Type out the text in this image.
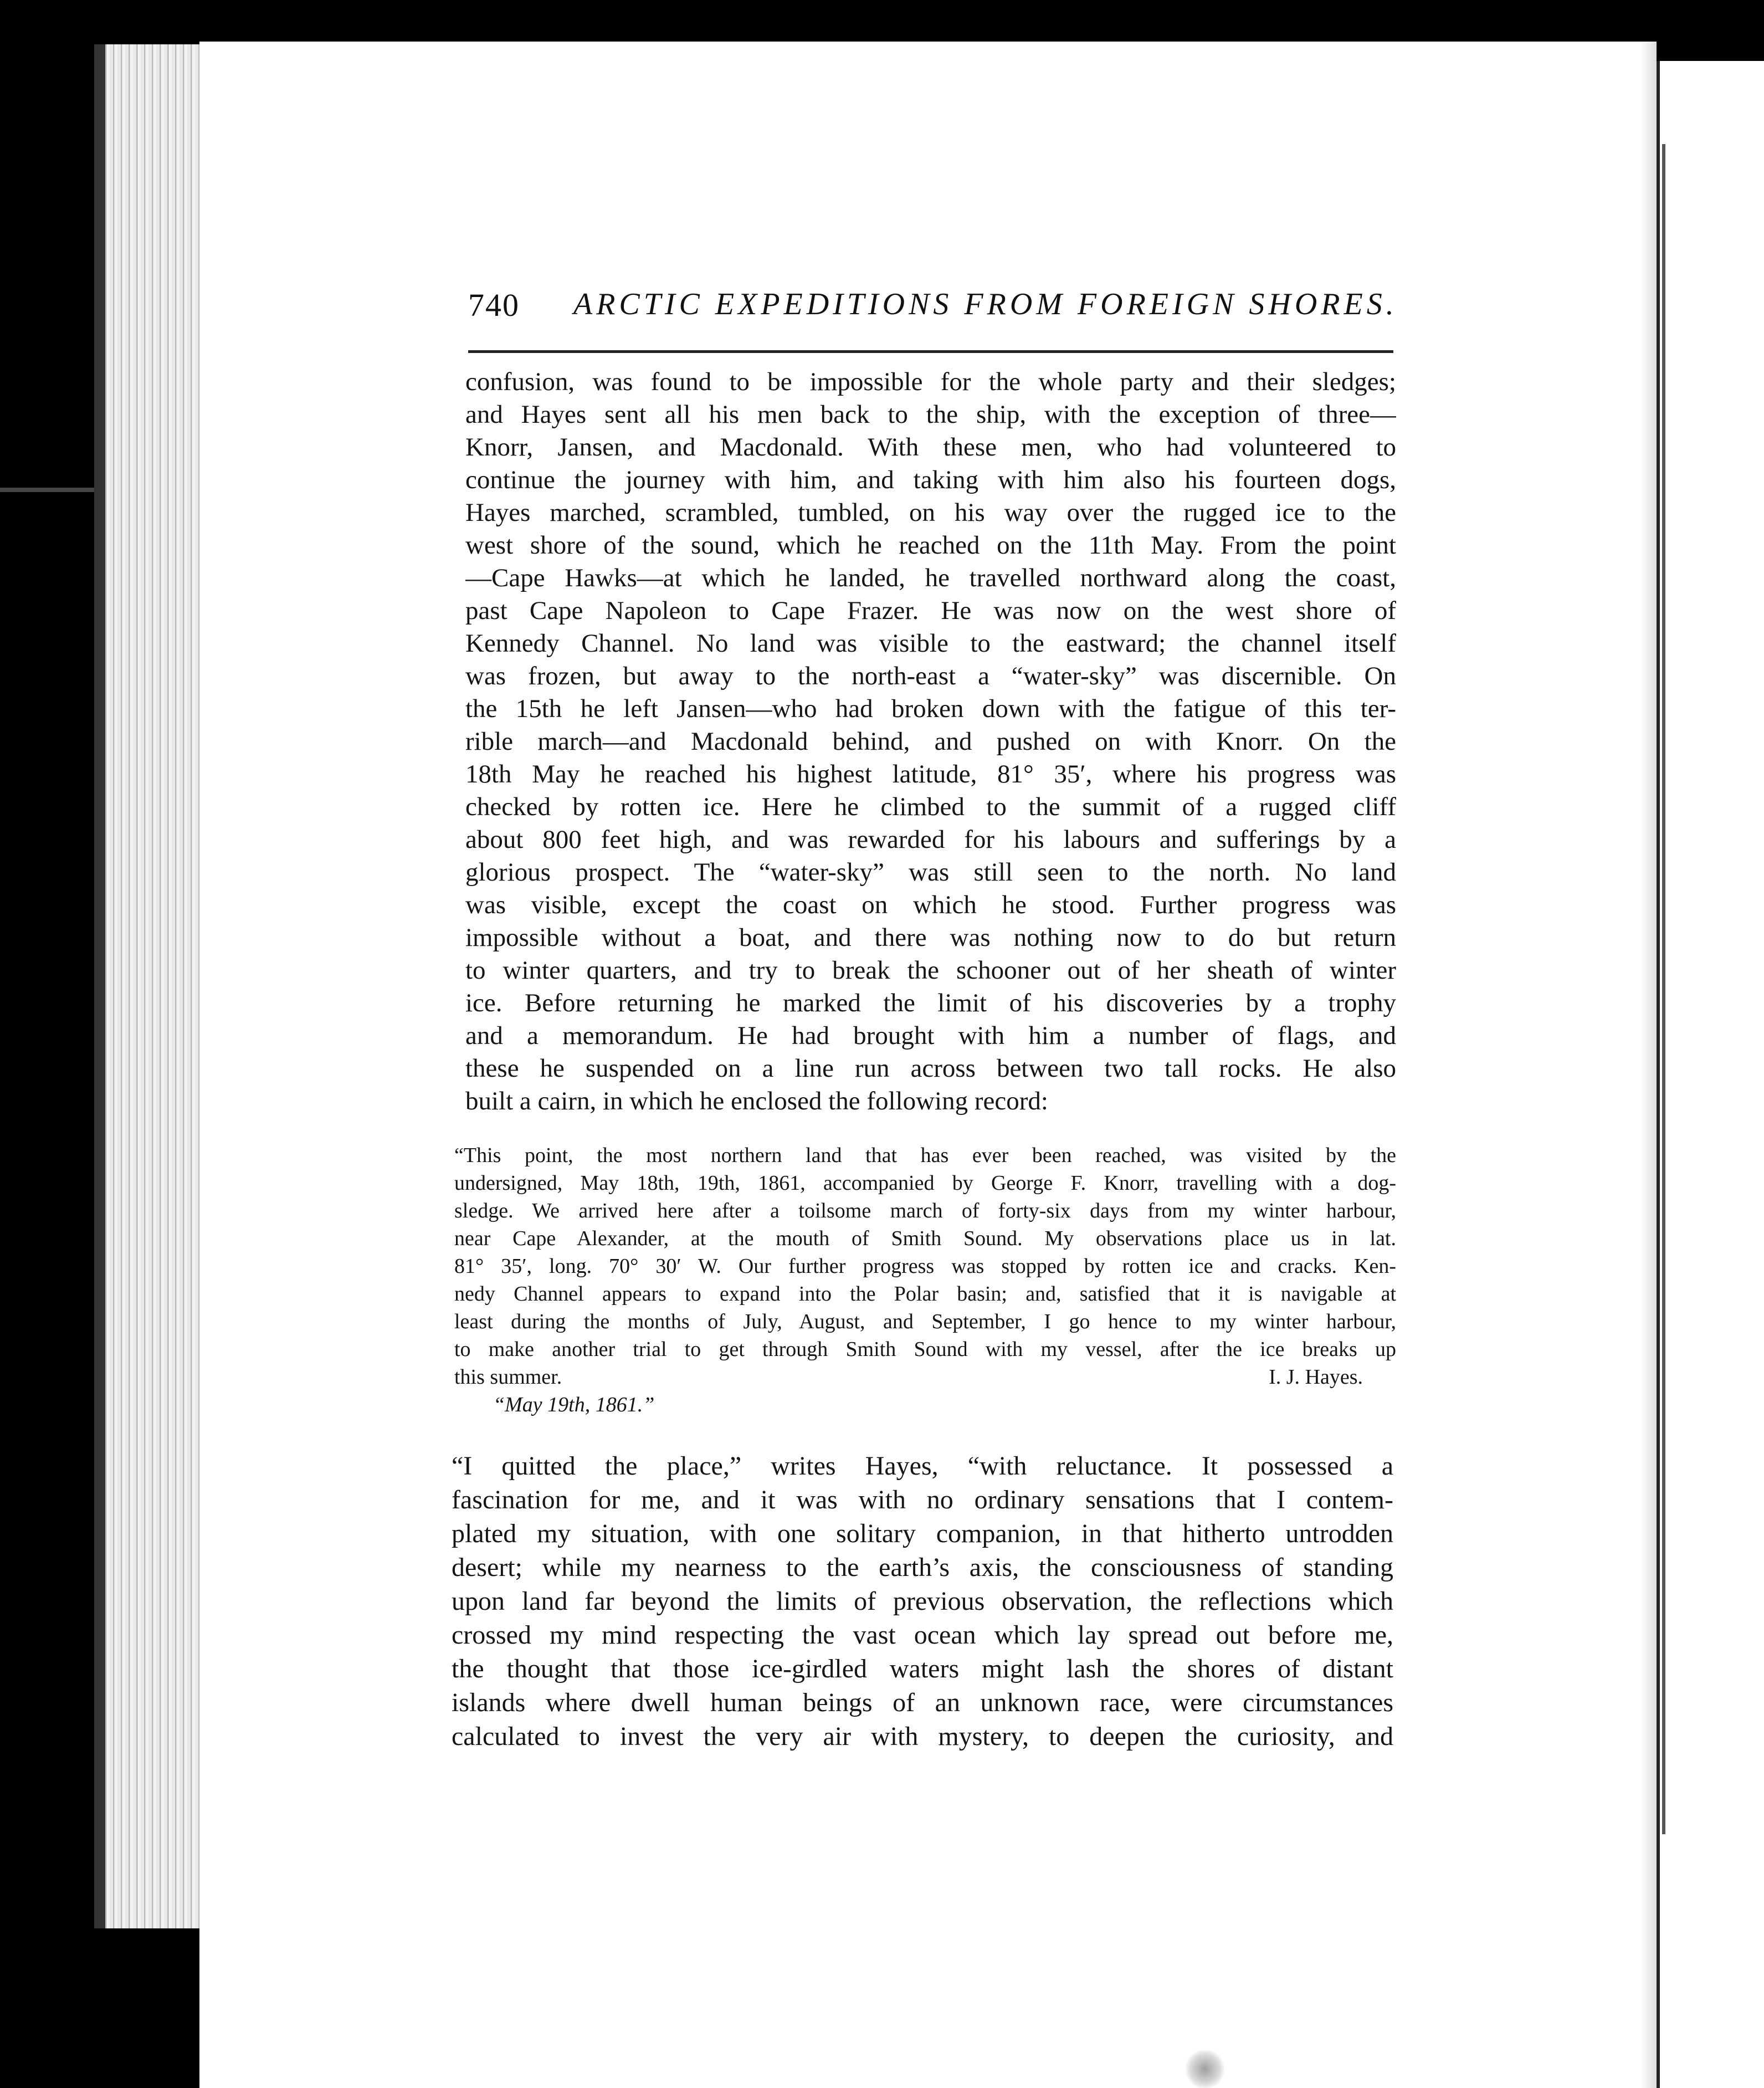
740 ARCTIC EXPEDITIONS FROM FOREIGN SHORES.
confusion, was found to be impossible for the whole party and their sledges;
and Hayes sent all his men back to the ship, with the exception of three—
Knorr, Jansen, and Macdonald. With these men, who had volunteered to
continue the journey with him, and taking with him also his fourteen dogs,
Hayes marched, scrambled, tumbled, on his way over the rugged ice to the
west shore of the sound, which he reached on the 11th May. From the point
—Cape Hawks—at which he landed, he travelled northward along the coast,
past Cape Napoleon to Cape Frazer. He was now on the west shore of
Kennedy Channel. No land was visible to the eastward; the channel itself
was frozen, but away to the north-east a “water-sky” was discernible. On
the 15th he left Jansen—who had broken down with the fatigue of this ter-
rible march—and Macdonald behind, and pushed on with Knorr. On the
18th May he reached his highest latitude, 81° 35′, where his progress was
checked by rotten ice. Here he climbed to the summit of a rugged cliff
about 800 feet high, and was rewarded for his labours and sufferings by a
glorious prospect. The “water-sky” was still seen to the north. No land
was visible, except the coast on which he stood. Further progress was
impossible without a boat, and there was nothing now to do but return
to winter quarters, and try to break the schooner out of her sheath of winter
ice. Before returning he marked the limit of his discoveries by a trophy
and a memorandum. He had brought with him a number of flags, and
these he suspended on a line run across between two tall rocks. He also
built a cairn, in which he enclosed the following record:
“This point, the most northern land that has ever been reached, was visited by the
undersigned, May 18th, 19th, 1861, accompanied by George F. Knorr, travelling with a dog-
sledge. We arrived here after a toilsome march of forty-six days from my winter harbour,
near Cape Alexander, at the mouth of Smith Sound. My observations place us in lat.
81° 35′, long. 70° 30′ W. Our further progress was stopped by rotten ice and cracks. Ken-
nedy Channel appears to expand into the Polar basin; and, satisfied that it is navigable at
least during the months of July, August, and September, I go hence to my winter harbour,
to make another trial to get through Smith Sound with my vessel, after the ice breaks up
this summer.	I. J. Hayes.
“May 19th, 1861.”
“I quitted the place,” writes Hayes, “with reluctance. It possessed a
fascination for me, and it was with no ordinary sensations that I contem-
plated my situation, with one solitary companion, in that hitherto untrodden
desert; while my nearness to the earth’s axis, the consciousness of standing
upon land far beyond the limits of previous observation, the reflections which
crossed my mind respecting the vast ocean which lay spread out before me,
the thought that those ice-girdled waters might lash the shores of distant
islands where dwell human beings of an unknown race, were circumstances
calculated to invest the very air with mystery, to deepen the curiosity, and
